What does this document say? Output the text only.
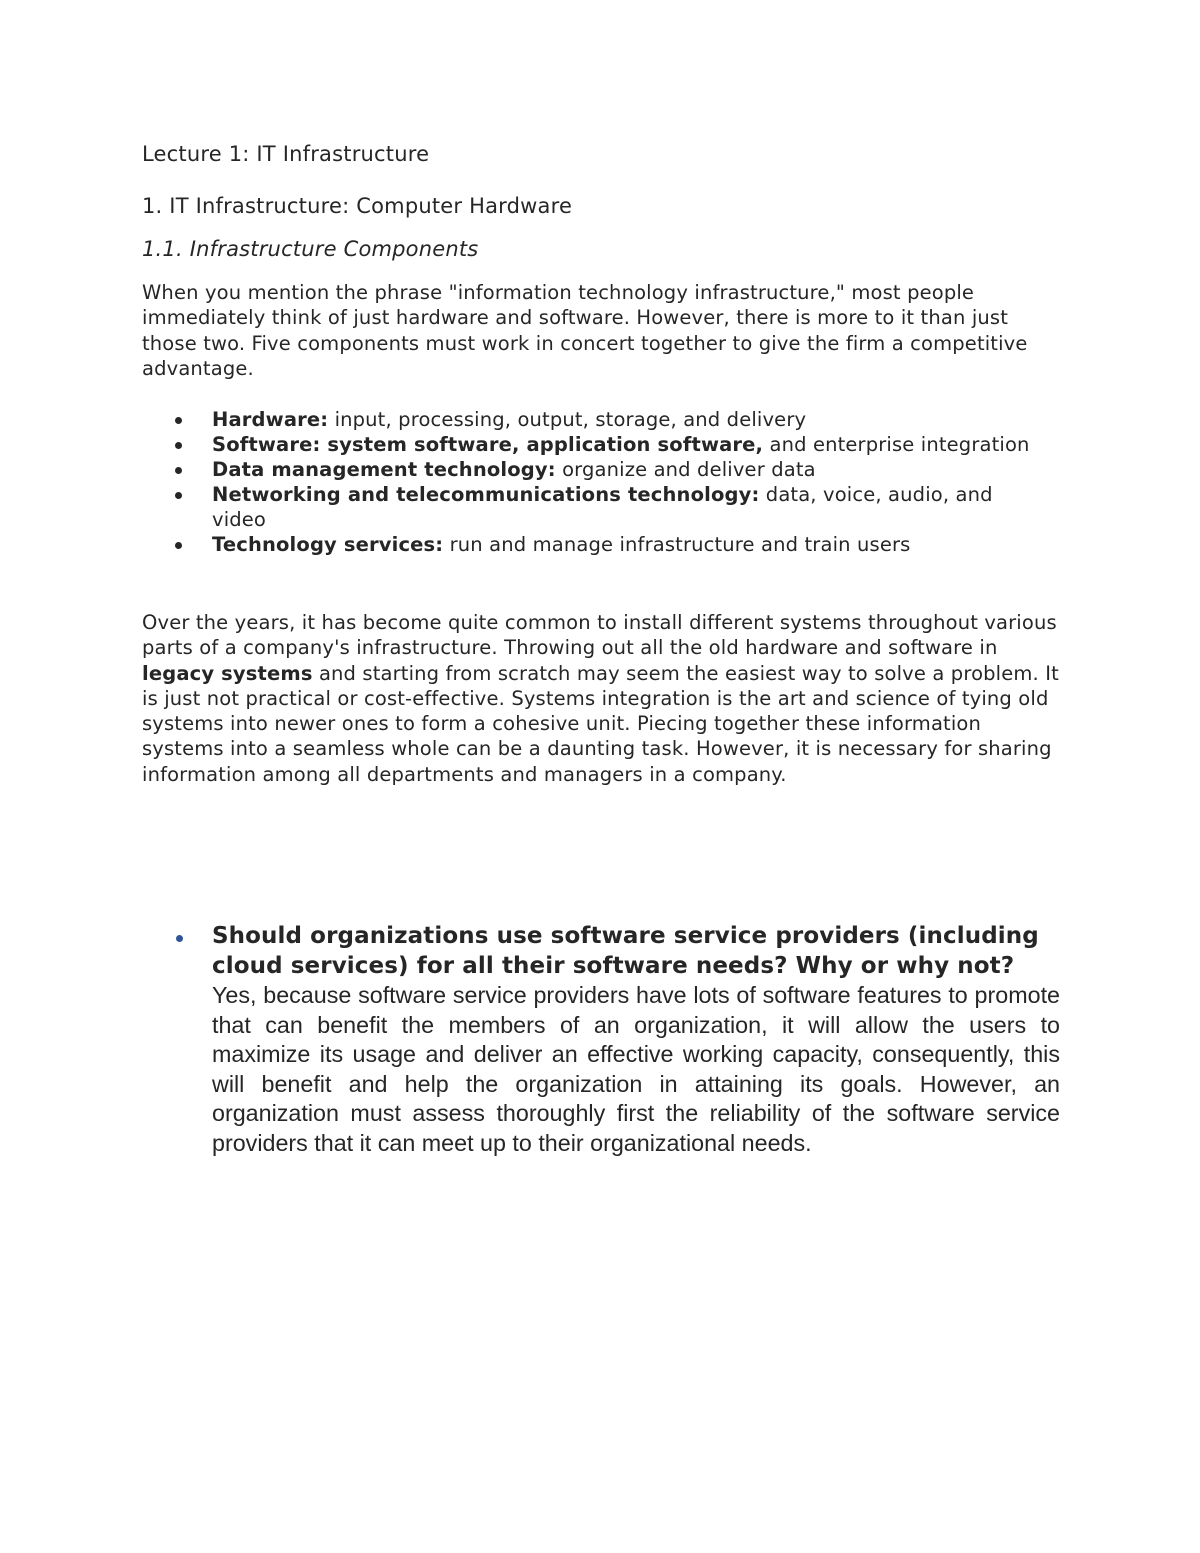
Lecture 1: IT Infrastructure
1. IT Infrastructure: Computer Hardware
1.1. Infrastructure Components

When you mention the phrase "information technology infrastructure," most people immediately think of just hardware and software. However, there is more to it than just those two. Five components must work in concert together to give the firm a competitive advantage.

Hardware: input, processing, output, storage, and delivery
Software: system software, application software, and enterprise integration
Data management technology: organize and deliver data
Networking and telecommunications technology: data, voice, audio, and video
Technology services: run and manage infrastructure and train users

Over the years, it has become quite common to install different systems throughout various parts of a company's infrastructure. Throwing out all the old hardware and software in legacy systems and starting from scratch may seem the easiest way to solve a problem. It is just not practical or cost-effective. Systems integration is the art and science of tying old systems into newer ones to form a cohesive unit. Piecing together these information systems into a seamless whole can be a daunting task. However, it is necessary for sharing information among all departments and managers in a company.

Should organizations use software service providers (including cloud services) for all their software needs? Why or why not?
Yes, because software service providers have lots of software features to promote that can benefit the members of an organization, it will allow the users to maximize its usage and deliver an effective working capacity, consequently, this will benefit and help the organization in attaining its goals. However, an organization must assess thoroughly first the reliability of the software service providers that it can meet up to their organizational needs.
